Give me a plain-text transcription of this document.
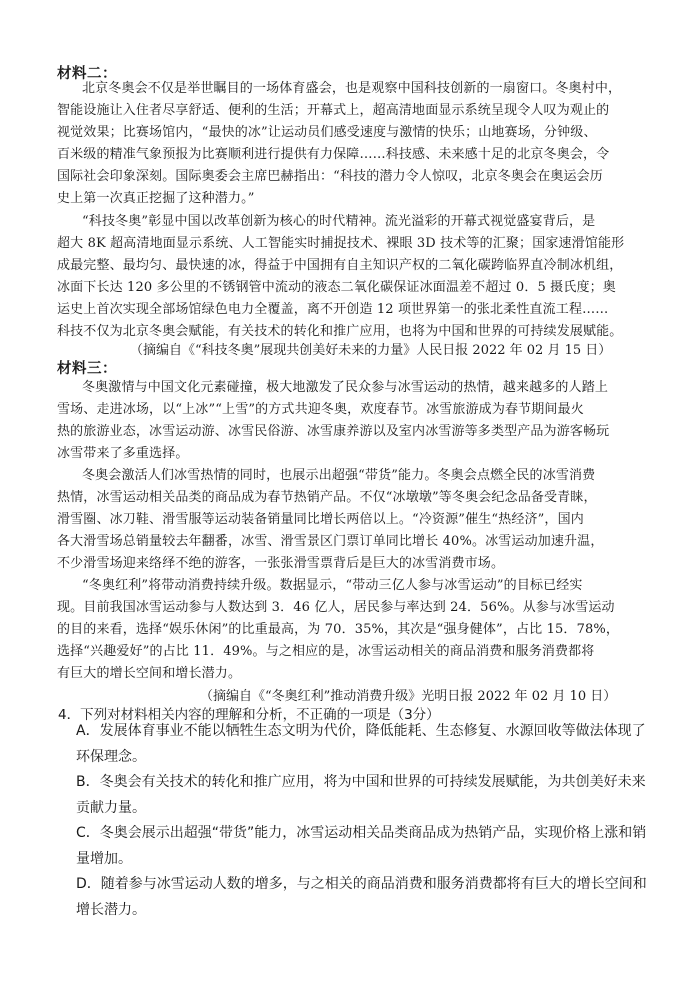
材料二：
北京冬奥会不仅是举世瞩目的一场体育盛会，也是观察中国科技创新的一扇窗口。冬奥村中，
智能设施让入住者尽享舒适、便利的生活；开幕式上，超高清地面显示系统呈现令人叹为观止的
视觉效果；比赛场馆内，“最快的冰”让运动员们感受速度与激情的快乐；山地赛场，分钟级、
百米级的精准气象预报为比赛顺利进行提供有力保障……科技感、未来感十足的北京冬奥会，令
国际社会印象深刻。国际奥委会主席巴赫指出：“科技的潜力令人惊叹，北京冬奥会在奥运会历
史上第一次真正挖掘了这种潜力。”
“科技冬奥”彰显中国以改革创新为核心的时代精神。流光溢彩的开幕式视觉盛宴背后，是
超大 8K 超高清地面显示系统、人工智能实时捕捉技术、裸眼 3D 技术等的汇聚；国家速滑馆能形
成最完整、最均匀、最快速的冰，得益于中国拥有自主知识产权的二氧化碳跨临界直冷制冰机组，
冰面下长达 120 多公里的不锈钢管中流动的液态二氧化碳保证冰面温差不超过 0．5 摄氏度；奥
运史上首次实现全部场馆绿色电力全覆盖，离不开创造 12 项世界第一的张北柔性直流工程……
科技不仅为北京冬奥会赋能，有关技术的转化和推广应用，也将为中国和世界的可持续发展赋能。
（摘编自《“科技冬奥”展现共创美好未来的力量》人民日报 2022 年 02 月 15 日）
材料三：
冬奥激情与中国文化元素碰撞，极大地激发了民众参与冰雪运动的热情，越来越多的人踏上
雪场、走进冰场，以“上冰”“上雪”的方式共迎冬奥，欢度春节。冰雪旅游成为春节期间最火
热的旅游业态，冰雪运动游、冰雪民俗游、冰雪康养游以及室内冰雪游等多类型产品为游客畅玩
冰雪带来了多重选择。
冬奥会激活人们冰雪热情的同时，也展示出超强“带货”能力。冬奥会点燃全民的冰雪消费
热情，冰雪运动相关品类的商品成为春节热销产品。不仅“冰墩墩”等冬奥会纪念品备受青睐，
滑雪圈、冰刀鞋、滑雪服等运动装备销量同比增长两倍以上。“冷资源”催生“热经济”，国内
各大滑雪场总销量较去年翻番，冰雪、滑雪景区门票订单同比增长 40%。冰雪运动加速升温，
不少滑雪场迎来络绎不绝的游客，一张张滑雪票背后是巨大的冰雪消费市场。
“冬奥红利”将带动消费持续升级。数据显示，“带动三亿人参与冰雪运动”的目标已经实
现。目前我国冰雪运动参与人数达到 3．46 亿人，居民参与率达到 24．56%。从参与冰雪运动
的目的来看，选择“娱乐休闲”的比重最高，为 70．35%，其次是“强身健体”，占比 15．78%，
选择“兴趣爱好”的占比 11．49%。与之相应的是，冰雪运动相关的商品消费和服务消费都将
有巨大的增长空间和增长潜力。
（摘编自《“冬奥红利”推动消费升级》光明日报 2022 年 02 月 10 日）
4．下列对材料相关内容的理解和分析，不正确的一项是（3分）
A．发展体育事业不能以牺牲生态文明为代价，降低能耗、生态修复、水源回收等做法体现了环保理念。
B．冬奥会有关技术的转化和推广应用，将为中国和世界的可持续发展赋能，为共创美好未来贡献力量。
C．冬奥会展示出超强“带货”能力，冰雪运动相关品类商品成为热销产品，实现价格上涨和销量增加。
D．随着参与冰雪运动人数的增多，与之相关的商品消费和服务消费都将有巨大的增长空间和增长潜力。
